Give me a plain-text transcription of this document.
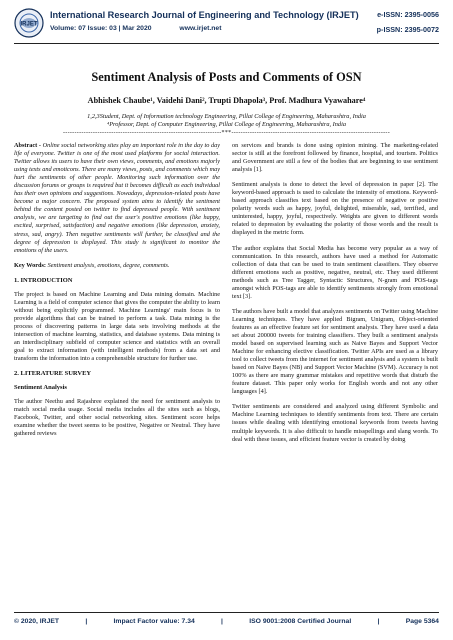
IRJET
International Research Journal of Engineering and Technology (IRJET)
Volume: 07 Issue: 03 | Mar 2020	www.irjet.net
e-ISSN: 2395-0056
p-ISSN: 2395-0072
Sentiment Analysis of Posts and Comments of OSN
Abhishek Chaube¹, Vaidehi Dani², Trupti Dhapola³, Prof. Madhura Vyawahare⁴
1,2,3Student, Dept. of Information technology Engineering, Pillai College of Engineering, Maharashtra, India
⁴Professor, Dept. of Computer Engineering, Pillai College of Engineering, Maharashtra, India
---------------------------------------------------------------------***---------------------------------------------------------------------

Abstract - Online social networking sites play an important role in the day to day life of everyone. Twitter is one of the most used platforms for social interaction. Twitter allows its users to have their own views, comments, and emotions majorly using texts and emoticons. There are many views, posts, and comments which may hurt the sentiments of other people. Monitoring such information over the discussion forums or groups is required but it becomes difficult as each individual has their own opinions and suggestions. Nowadays, depression-related posts have become a major concern. The proposed system aims to identify the sentiment behind the content posted on twitter to find depressed people. With sentiment analysis, we are targeting to find out the user's positive emotions (like happy, excited, surprised, satisfaction) and negative emotions (like depression, anxiety, stress, sad, angry). Then negative sentiments will further, be classified and the degree of depression is displayed. This study is significant to monitor the emotions of the users.

Key Words: Sentiment analysis, emotions, degree, comments.

1. INTRODUCTION

The project is based on Machine Learning and Data mining domain. Machine Learning is a field of computer science that gives the computer the ability to learn without being explicitly programmed. Machine Learnings' main focus is to provide algorithms that can be trained to perform a task. Data mining is the process of discovering patterns in large data sets involving methods at the intersection of machine learning, statistics, and database systems. Data mining is an interdisciplinary subfield of computer science and statistics with an overall goal to extract information (with intelligent methods) from a data set and transform the information into a comprehensible structure for further use.

2. LITERATURE SURVEY
Sentiment Analysis

The author Neethu and Rajashree explained the need for sentiment analysis to match social media usage. Social media includes all the sites such as blogs, Facebook, Twitter, and other social networking sites. Sentiment score helps examine whether the tweet seems to be positive, Negative or Neutral. They have gathered reviews

on services and brands is done using opinion mining. The marketing-related sector is still at the forefront followed by finance, hospital, and tourism. Politics and Government are still a few of the bodies that are beginning to use sentiment analysis [1].

Sentiment analysis is done to detect the level of depression in paper [2]. The keyword-based approach is used to calculate the intensity of emotions. Keyword-based approach classifies text based on the presence of negative or positive polarity words such as happy, joyful, delighted, miserable, sad, terrified, and uninterested, happy, joyful, respectively. Weights are given to different words related to depression by evaluating the polarity of those words and the result is displayed in the metric form.

The author explains that Social Media has become very popular as a way of communication. In this research, authors have used a method for Automatic collection of data that can be used to train sentiment classifiers. They observe different emotions such as positive, negative, neutral, etc. They used different methods such as Tree Tagger, Syntactic Structures, N-gram and POS-tags amongst which POS-tags are able to identify sentiments strongly from emotional text [3].

The authors have built a model that analyzes sentiments on Twitter using Machine Learning techniques. They have applied Bigram, Unigram, Object-oriented features as an effective feature set for sentiment analysis. They have used a data set about 200000 tweets for training classifiers. They built a sentiment analysis model based on supervised learning such as Naive Bayes and Support Vector Machine for enhancing elective classification. Twitter APIs are used as a library tool to collect tweets from the internet for sentiment analysis and a system is built based on Naive Bayes (NB) and Support Vector Machine (SVM). Accuracy is not 100% as there are many grammar mistakes and repetitive words that disturb the feature dataset. This paper only works for English words and not any other languages [4].

Twitter sentiments are considered and analyzed using different Symbolic and Machine Learning techniques to identify sentiments from text. There are certain issues while dealing with identifying emotional keywords from tweets having multiple keywords. It is also difficult to handle misspellings and slang words. To deal with these issues, and efficient feature vector is created by doing

© 2020, IRJET	|	Impact Factor value: 7.34	|	ISO 9001:2008 Certified Journal	|	Page 5364
